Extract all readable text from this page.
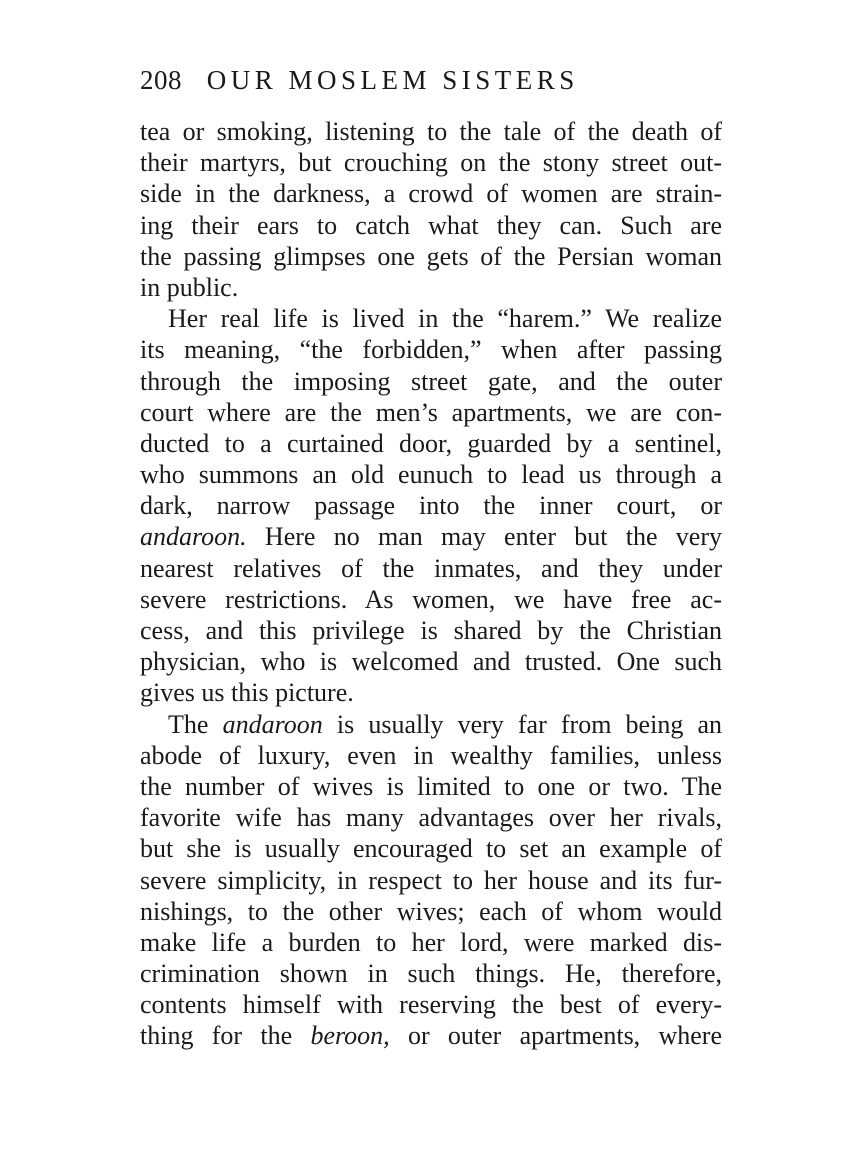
208 OUR MOSLEM SISTERS
tea or smoking, listening to the tale of the death of
their martyrs, but crouching on the stony street out-
side in the darkness, a crowd of women are strain-
ing their ears to catch what they can. Such are
the passing glimpses one gets of the Persian woman
in public.
Her real life is lived in the “harem.” We realize
its meaning, “the forbidden,” when after passing
through the imposing street gate, and the outer
court where are the men’s apartments, we are con-
ducted to a curtained door, guarded by a sentinel,
who summons an old eunuch to lead us through a
dark, narrow passage into the inner court, or
andaroon. Here no man may enter but the very
nearest relatives of the inmates, and they under
severe restrictions. As women, we have free ac-
cess, and this privilege is shared by the Christian
physician, who is welcomed and trusted. One such
gives us this picture.
The andaroon is usually very far from being an
abode of luxury, even in wealthy families, unless
the number of wives is limited to one or two. The
favorite wife has many advantages over her rivals,
but she is usually encouraged to set an example of
severe simplicity, in respect to her house and its fur-
nishings, to the other wives; each of whom would
make life a burden to her lord, were marked dis-
crimination shown in such things. He, therefore,
contents himself with reserving the best of every-
thing for the beroon, or outer apartments, where
